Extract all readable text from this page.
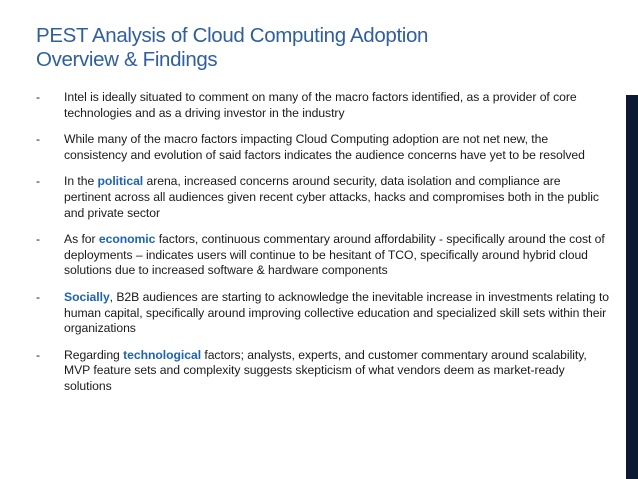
PEST Analysis of Cloud Computing Adoption
Overview & Findings
- Intel is ideally situated to comment on many of the macro factors identified, as a provider of core technologies and as a driving investor in the industry
- While many of the macro factors impacting Cloud Computing adoption are not net new, the consistency and evolution of said factors indicates the audience concerns have yet to be resolved
- In the political arena, increased concerns around security, data isolation and compliance are pertinent across all audiences given recent cyber attacks, hacks and compromises both in the public and private sector
- As for economic factors, continuous commentary around affordability - specifically around the cost of deployments – indicates users will continue to be hesitant of TCO, specifically around hybrid cloud solutions due to increased software & hardware components
- Socially, B2B audiences are starting to acknowledge the inevitable increase in investments relating to human capital, specifically around improving collective education and specialized skill sets within their organizations
- Regarding technological factors; analysts, experts, and customer commentary around scalability, MVP feature sets and complexity suggests skepticism of what vendors deem as market-ready solutions
